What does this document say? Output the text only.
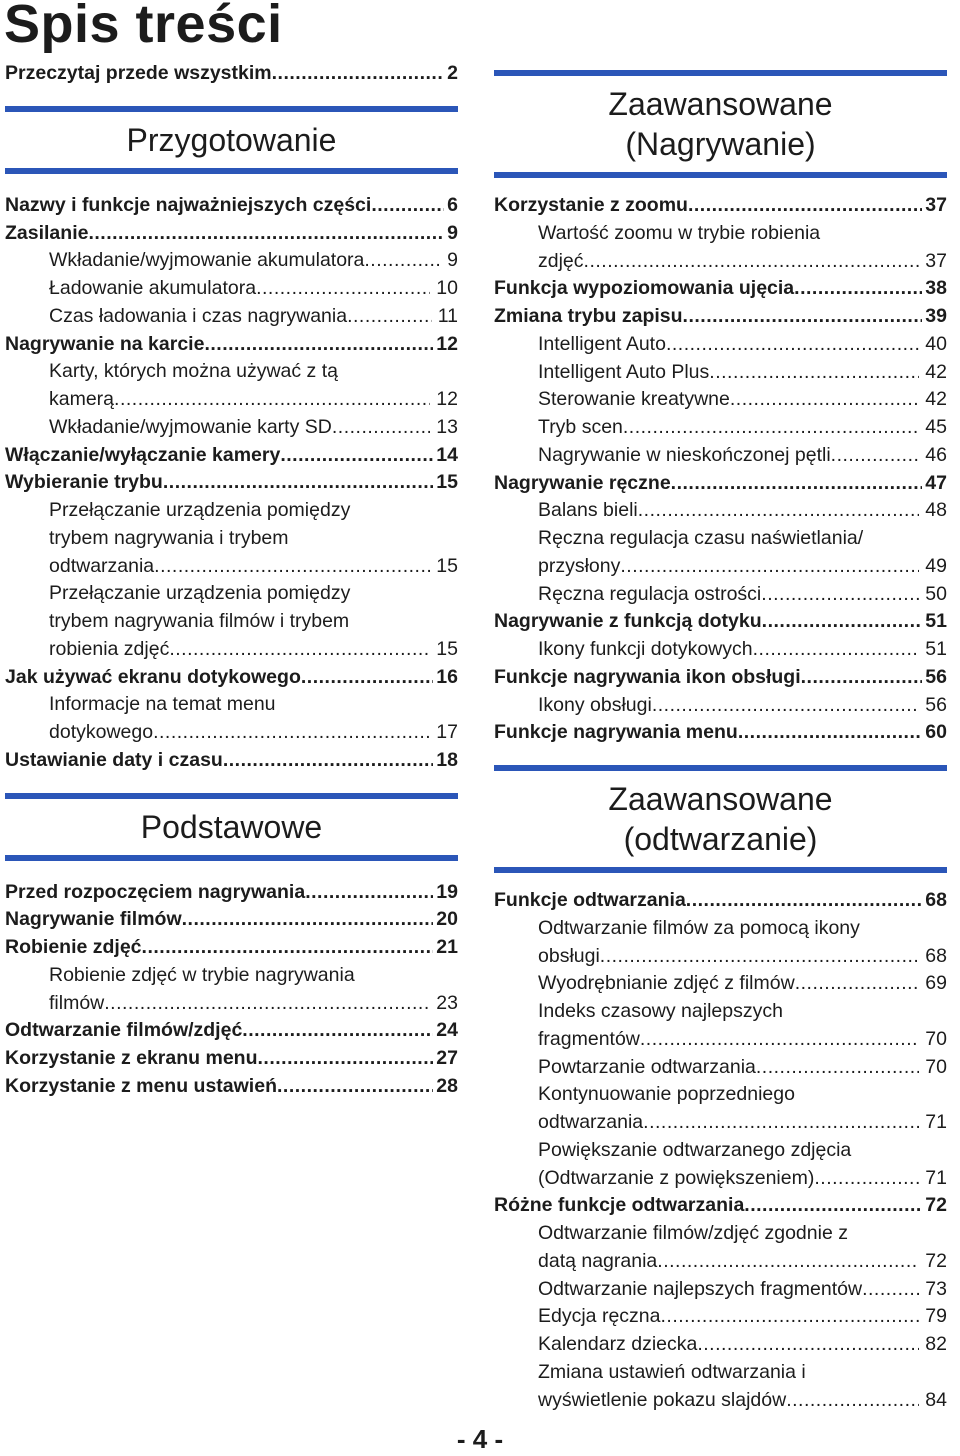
Spis treści
Przeczytaj przede wszystkim .....	2
Przygotowanie
Nazwy i funkcje najważniejszych części .....	6
Zasilanie .....	9
Wkładanie/wyjmowanie akumulatora .....	9
Ładowanie akumulatora .....	10
Czas ładowania i czas nagrywania .....	11
Nagrywanie na karcie .....	12
Karty, których można używać z tą
kamerą .....	12
Wkładanie/wyjmowanie karty SD .....	13
Włączanie/wyłączanie kamery .....	14
Wybieranie trybu .....	15
Przełączanie urządzenia pomiędzy
trybem nagrywania i trybem
odtwarzania .....	15
Przełączanie urządzenia pomiędzy
trybem nagrywania filmów i trybem
robienia zdjęć .....	15
Jak używać ekranu dotykowego .....	16
Informacje na temat menu
dotykowego .....	17
Ustawianie daty i czasu .....	18
Podstawowe
Przed rozpoczęciem nagrywania .....	19
Nagrywanie filmów .....	20
Robienie zdjęć .....	21
Robienie zdjęć w trybie nagrywania
filmów .....	23
Odtwarzanie filmów/zdjęć .....	24
Korzystanie z ekranu menu .....	27
Korzystanie z menu ustawień .....	28
Zaawansowane
(Nagrywanie)
Korzystanie z zoomu .....	37
Wartość zoomu w trybie robienia
zdjęć .....	37
Funkcja wypoziomowania ujęcia .....	38
Zmiana trybu zapisu .....	39
Intelligent Auto .....	40
Intelligent Auto Plus .....	42
Sterowanie kreatywne .....	42
Tryb scen .....	45
Nagrywanie w nieskończonej pętli .....	46
Nagrywanie ręczne .....	47
Balans bieli .....	48
Ręczna regulacja czasu naświetlania/
przysłony .....	49
Ręczna regulacja ostrości .....	50
Nagrywanie z funkcją dotyku .....	51
Ikony funkcji dotykowych .....	51
Funkcje nagrywania ikon obsługi .....	56
Ikony obsługi .....	56
Funkcje nagrywania menu .....	60
Zaawansowane
(odtwarzanie)
Funkcje odtwarzania .....	68
Odtwarzanie filmów za pomocą ikony
obsługi .....	68
Wyodrębnianie zdjęć z filmów .....	69
Indeks czasowy najlepszych
fragmentów .....	70
Powtarzanie odtwarzania .....	70
Kontynuowanie poprzedniego
odtwarzania .....	71
Powiększanie odtwarzanego zdjęcia
(Odtwarzanie z powiększeniem) .....	71
Różne funkcje odtwarzania .....	72
Odtwarzanie filmów/zdjęć zgodnie z
datą nagrania .....	72
Odtwarzanie najlepszych fragmentów .....	73
Edycja ręczna .....	79
Kalendarz dziecka .....	82
Zmiana ustawień odtwarzania i
wyświetlenie pokazu slajdów .....	84
- 4 -
